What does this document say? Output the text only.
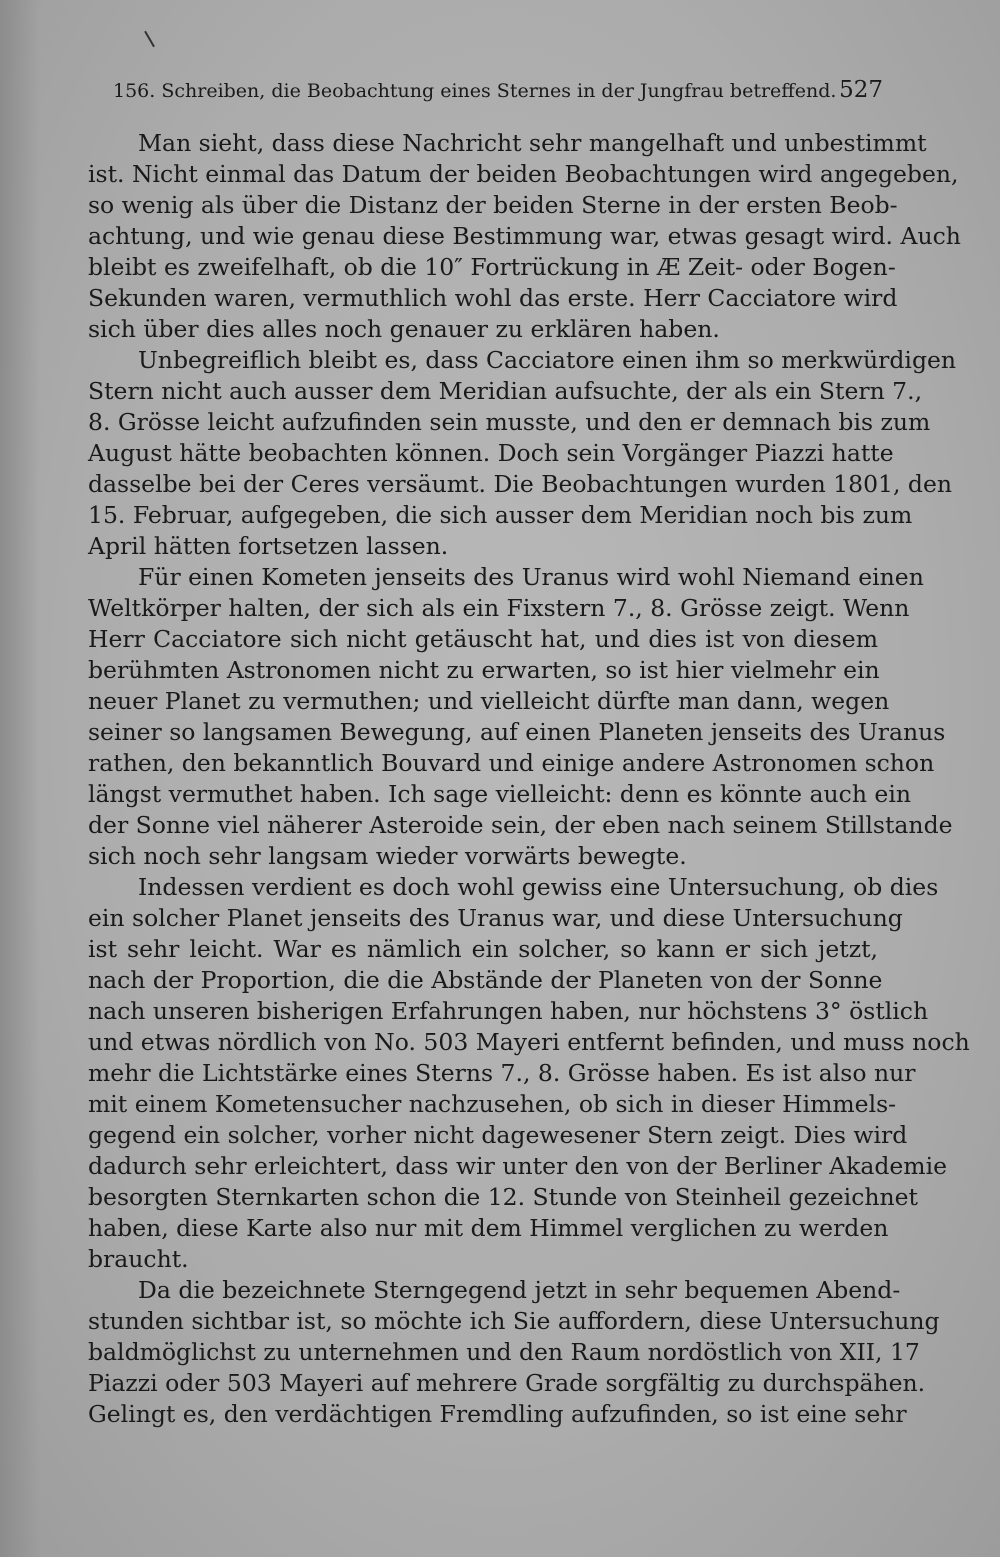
156. Schreiben, die Beobachtung eines Sternes in der Jungfrau betreffend. 527
Man sieht, dass diese Nachricht sehr mangelhaft und unbestimmt
ist. Nicht einmal das Datum der beiden Beobachtungen wird angegeben,
so wenig als über die Distanz der beiden Sterne in der ersten Beob-
achtung, und wie genau diese Bestimmung war, etwas gesagt wird. Auch
bleibt es zweifelhaft, ob die 10″ Fortrückung in Æ Zeit- oder Bogen-
Sekunden waren, vermuthlich wohl das erste. Herr Cacciatore wird
sich über dies alles noch genauer zu erklären haben.
Unbegreiflich bleibt es, dass Cacciatore einen ihm so merkwürdigen
Stern nicht auch ausser dem Meridian aufsuchte, der als ein Stern 7.,
8. Grösse leicht aufzufinden sein musste, und den er demnach bis zum
August hätte beobachten können. Doch sein Vorgänger Piazzi hatte
dasselbe bei der Ceres versäumt. Die Beobachtungen wurden 1801, den
15. Februar, aufgegeben, die sich ausser dem Meridian noch bis zum
April hätten fortsetzen lassen.
Für einen Kometen jenseits des Uranus wird wohl Niemand einen
Weltkörper halten, der sich als ein Fixstern 7., 8. Grösse zeigt. Wenn
Herr Cacciatore sich nicht getäuscht hat, und dies ist von diesem
berühmten Astronomen nicht zu erwarten, so ist hier vielmehr ein
neuer Planet zu vermuthen; und vielleicht dürfte man dann, wegen
seiner so langsamen Bewegung, auf einen Planeten jenseits des Uranus
rathen, den bekanntlich Bouvard und einige andere Astronomen schon
längst vermuthet haben. Ich sage vielleicht: denn es könnte auch ein
der Sonne viel näherer Asteroide sein, der eben nach seinem Stillstande
sich noch sehr langsam wieder vorwärts bewegte.
Indessen verdient es doch wohl gewiss eine Untersuchung, ob dies
ein solcher Planet jenseits des Uranus war, und diese Untersuchung
ist sehr leicht. War es nämlich ein solcher, so kann er sich jetzt,
nach der Proportion, die die Abstände der Planeten von der Sonne
nach unseren bisherigen Erfahrungen haben, nur höchstens 3° östlich
und etwas nördlich von No. 503 Mayeri entfernt befinden, und muss noch
mehr die Lichtstärke eines Sterns 7., 8. Grösse haben. Es ist also nur
mit einem Kometensucher nachzusehen, ob sich in dieser Himmels-
gegend ein solcher, vorher nicht dagewesener Stern zeigt. Dies wird
dadurch sehr erleichtert, dass wir unter den von der Berliner Akademie
besorgten Sternkarten schon die 12. Stunde von Steinheil gezeichnet
haben, diese Karte also nur mit dem Himmel verglichen zu werden
braucht.
Da die bezeichnete Sterngegend jetzt in sehr bequemen Abend-
stunden sichtbar ist, so möchte ich Sie auffordern, diese Untersuchung
baldmöglichst zu unternehmen und den Raum nordöstlich von XII, 17
Piazzi oder 503 Mayeri auf mehrere Grade sorgfältig zu durchspähen.
Gelingt es, den verdächtigen Fremdling aufzufinden, so ist eine sehr
